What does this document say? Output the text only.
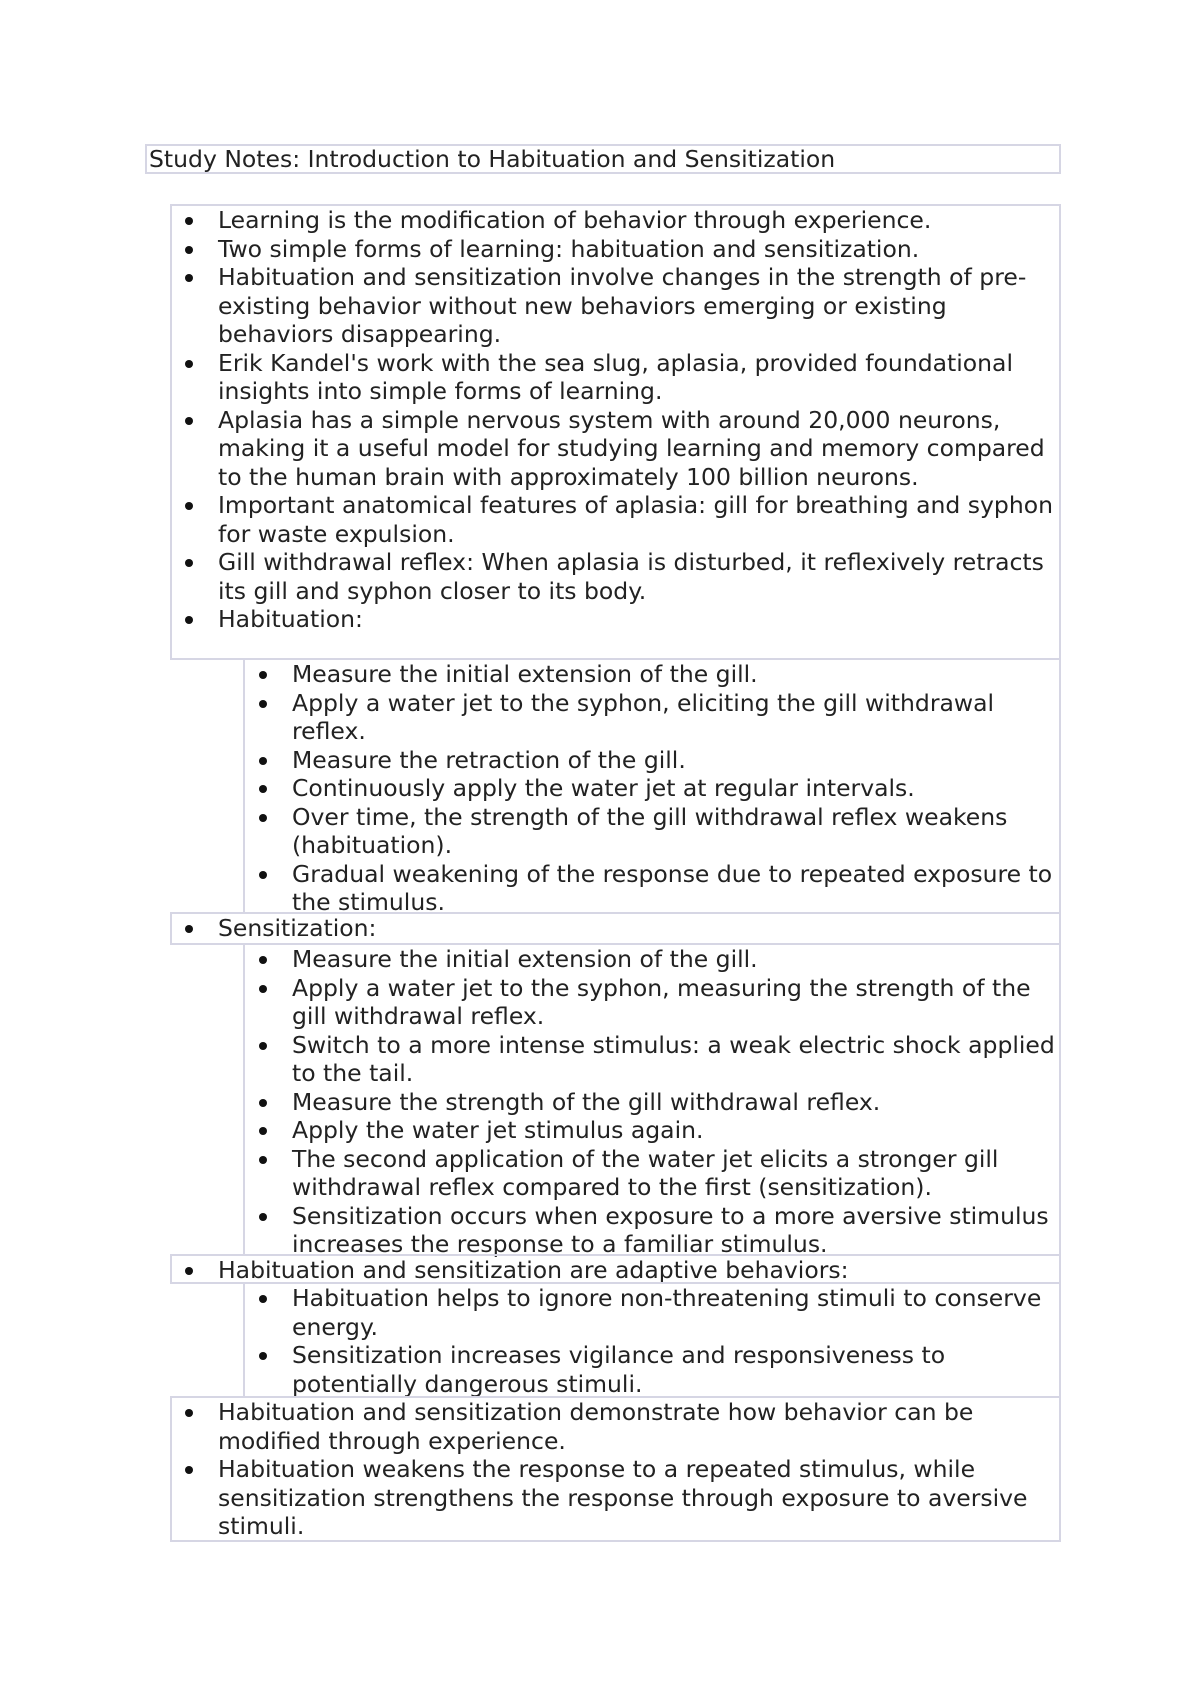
Study Notes: Introduction to Habituation and Sensitization
Learning is the modification of behavior through experience.
Two simple forms of learning: habituation and sensitization.
Habituation and sensitization involve changes in the strength of pre-existing behavior without new behaviors emerging or existing behaviors disappearing.
Erik Kandel's work with the sea slug, aplasia, provided foundational insights into simple forms of learning.
Aplasia has a simple nervous system with around 20,000 neurons, making it a useful model for studying learning and memory compared to the human brain with approximately 100 billion neurons.
Important anatomical features of aplasia: gill for breathing and syphon for waste expulsion.
Gill withdrawal reflex: When aplasia is disturbed, it reflexively retracts its gill and syphon closer to its body.
Habituation:
Measure the initial extension of the gill.
Apply a water jet to the syphon, eliciting the gill withdrawal reflex.
Measure the retraction of the gill.
Continuously apply the water jet at regular intervals.
Over time, the strength of the gill withdrawal reflex weakens (habituation).
Gradual weakening of the response due to repeated exposure to the stimulus.
Sensitization:
Measure the initial extension of the gill.
Apply a water jet to the syphon, measuring the strength of the gill withdrawal reflex.
Switch to a more intense stimulus: a weak electric shock applied to the tail.
Measure the strength of the gill withdrawal reflex.
Apply the water jet stimulus again.
The second application of the water jet elicits a stronger gill withdrawal reflex compared to the first (sensitization).
Sensitization occurs when exposure to a more aversive stimulus increases the response to a familiar stimulus.
Habituation and sensitization are adaptive behaviors:
Habituation helps to ignore non-threatening stimuli to conserve energy.
Sensitization increases vigilance and responsiveness to potentially dangerous stimuli.
Habituation and sensitization demonstrate how behavior can be modified through experience.
Habituation weakens the response to a repeated stimulus, while sensitization strengthens the response through exposure to aversive stimuli.
